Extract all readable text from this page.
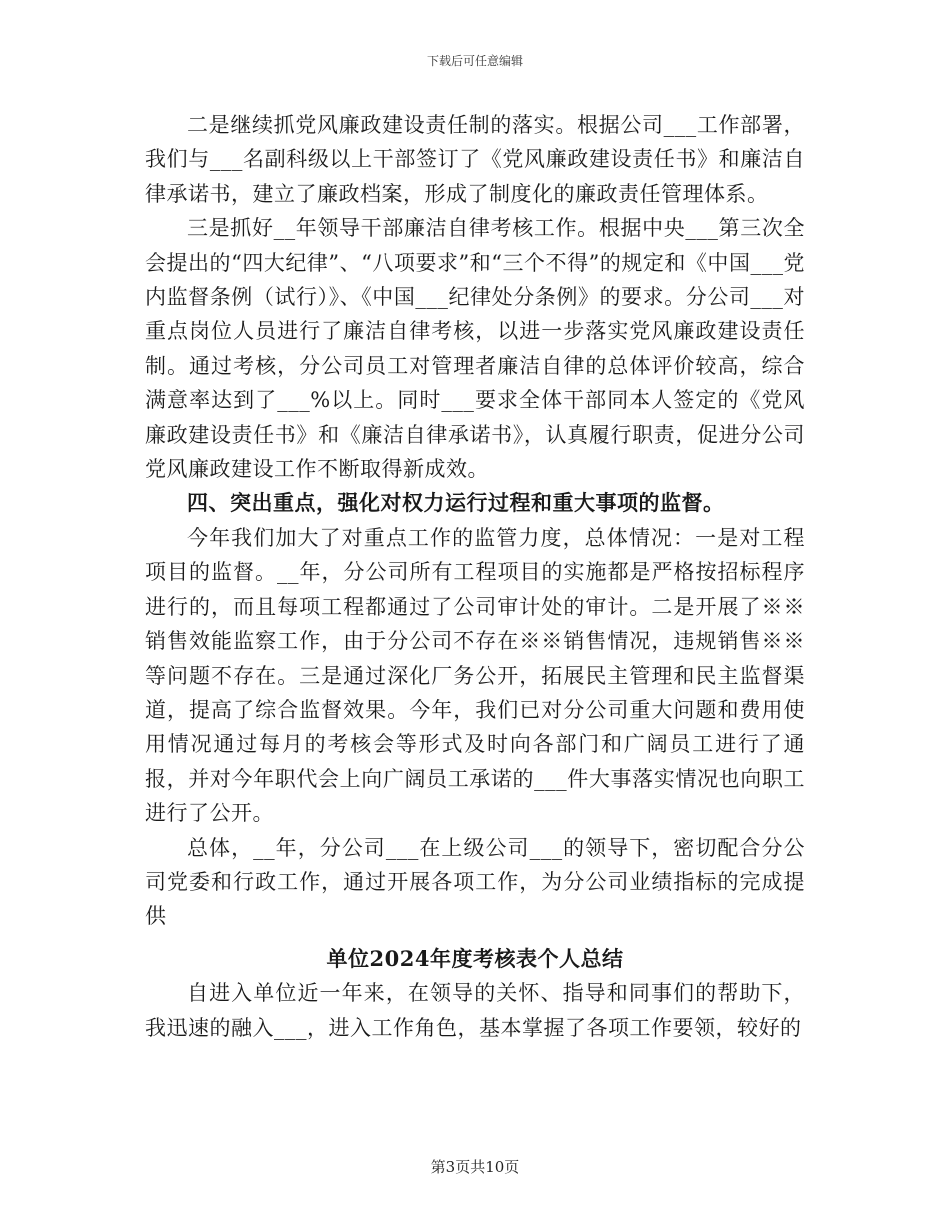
下载后可任意编辑

二是继续抓党风廉政建设责任制的落实。根据公司___工作部署，我们与___名副科级以上干部签订了《党风廉政建设责任书》和廉洁自律承诺书，建立了廉政档案，形成了制度化的廉政责任管理体系。

三是抓好__年领导干部廉洁自律考核工作。根据中央___第三次全会提出的“四大纪律”、“八项要求”和“三个不得”的规定和《中国___党内监督条例（试行）》、《中国___纪律处分条例》的要求。分公司___对重点岗位人员进行了廉洁自律考核，以进一步落实党风廉政建设责任制。通过考核，分公司员工对管理者廉洁自律的总体评价较高，综合满意率达到了___%以上。同时___要求全体干部同本人签定的《党风廉政建设责任书》和《廉洁自律承诺书》，认真履行职责，促进分公司党风廉政建设工作不断取得新成效。

四、突出重点，强化对权力运行过程和重大事项的监督。

今年我们加大了对重点工作的监管力度，总体情况：一是对工程项目的监督。__年，分公司所有工程项目的实施都是严格按招标程序进行的，而且每项工程都通过了公司审计处的审计。二是开展了※※销售效能监察工作，由于分公司不存在※※销售情况，违规销售※※等问题不存在。三是通过深化厂务公开，拓展民主管理和民主监督渠道，提高了综合监督效果。今年，我们已对分公司重大问题和费用使用情况通过每月的考核会等形式及时向各部门和广阔员工进行了通报，并对今年职代会上向广阔员工承诺的___件大事落实情况也向职工进行了公开。

总体，__年，分公司___在上级公司___的领导下，密切配合分公司党委和行政工作，通过开展各项工作，为分公司业绩指标的完成提供

单位2024年度考核表个人总结

自进入单位近一年来，在领导的关怀、指导和同事们的帮助下，我迅速的融入___，进入工作角色，基本掌握了各项工作要领，较好的

第3页共10页
